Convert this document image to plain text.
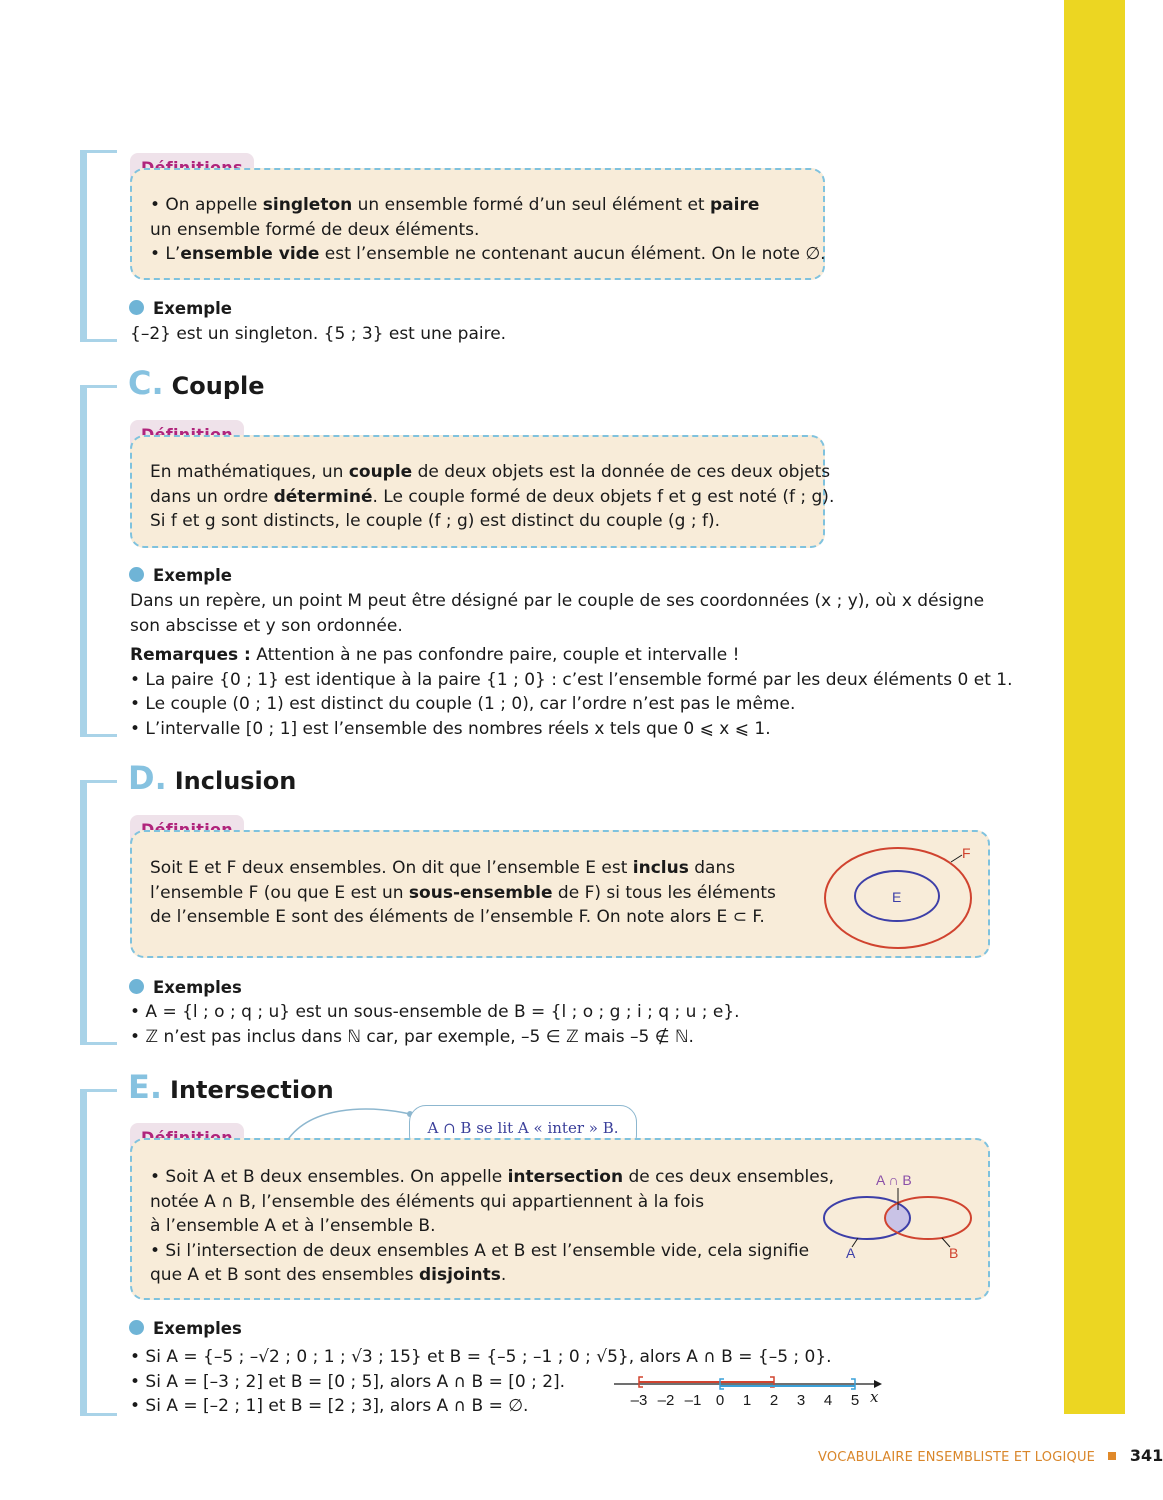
• On appelle singleton un ensemble formé d’un seul élément et paire
un ensemble formé de deux éléments.
• L’ensemble vide est l’ensemble ne contenant aucun élément. On le note ∅.
Exemple
{–2} est un singleton. {5 ; 3} est une paire.
C. Couple
En mathématiques, un couple de deux objets est la donnée de ces deux objets
dans un ordre déterminé. Le couple formé de deux objets f et g est noté (f ; g).
Si f et g sont distincts, le couple (f ; g) est distinct du couple (g ; f).
Exemple
Dans un repère, un point M peut être désigné par le couple de ses coordonnées (x ; y), où x désigne
son abscisse et y son ordonnée.
Remarques : Attention à ne pas confondre paire, couple et intervalle !
• La paire {0 ; 1} est identique à la paire {1 ; 0} : c’est l’ensemble formé par les deux éléments 0 et 1.
• Le couple (0 ; 1) est distinct du couple (1 ; 0), car l’ordre n’est pas le même.
• L’intervalle [0 ; 1] est l’ensemble des nombres réels x tels que 0 ⩽ x ⩽ 1.
D. Inclusion
Soit E et F deux ensembles. On dit que l’ensemble E est inclus dans
l’ensemble F (ou que E est un sous-ensemble de F) si tous les éléments
de l’ensemble E sont des éléments de l’ensemble F. On note alors E ⊂ F.
F
E
Exemples
• A = {l ; o ; q ; u} est un sous-ensemble de B = {l ; o ; g ; i ; q ; u ; e}.
• ℤ n’est pas inclus dans ℕ car, par exemple, –5 ∈ ℤ mais –5 ∉ ℕ.
E. Intersection
A ∩ B se lit A « inter » B.
• Soit A et B deux ensembles. On appelle intersection de ces deux ensembles,
notée A ∩ B, l’ensemble des éléments qui appartiennent à la fois
à l’ensemble A et à l’ensemble B.
• Si l’intersection de deux ensembles A et B est l’ensemble vide, cela signifie
que A et B sont des ensembles disjoints.
A ∩ B
A	B
Exemples
• Si A = {–5 ; –√2 ; 0 ; 1 ; √3 ; 15} et B = {–5 ; –1 ; 0 ; √5}, alors A ∩ B = {–5 ; 0}.
• Si A = [–3 ; 2] et B = [0 ; 5], alors A ∩ B = [0 ; 2].
• Si A = [–2 ; 1] et B = [2 ; 3], alors A ∩ B = ∅.	x
–3 –2 –1 0 1 2 3 4 5
VOCABULAIRE ENSEMBLISTE ET LOGIQUE 341
